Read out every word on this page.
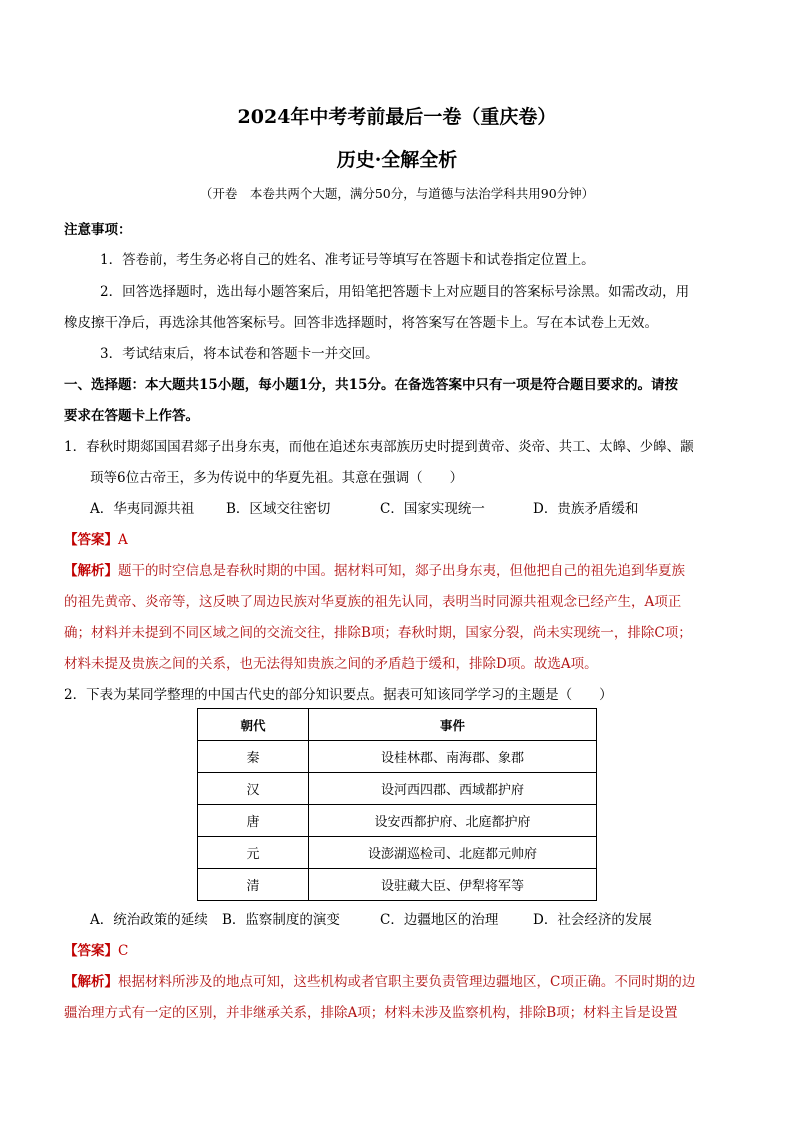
2024年中考考前最后一卷（重庆卷）
历史·全解全析
（开卷　本卷共两个大题，满分50分，与道德与法治学科共用90分钟）
注意事项：
1．答卷前，考生务必将自己的姓名、准考证号等填写在答题卡和试卷指定位置上。
2．回答选择题时，选出每小题答案后，用铅笔把答题卡上对应题目的答案标号涂黑。如需改动，用
橡皮擦干净后，再选涂其他答案标号。回答非选择题时，将答案写在答题卡上。写在本试卷上无效。
3．考试结束后，将本试卷和答题卡一并交回。
一、选择题：本大题共15小题，每小题1分，共15分。在备选答案中只有一项是符合题目要求的。请按
要求在答题卡上作答。
1．春秋时期郯国国君郯子出身东夷，而他在追述东夷部族历史时提到黄帝、炎帝、共工、太皞、少皞、颛
顼等6位古帝王，多为传说中的华夏先祖。其意在强调（　　）
A．华夷同源共祖 B．区域交往密切	C．国家实现统一	D．贵族矛盾缓和
【答案】A
【解析】题干的时空信息是春秋时期的中国。据材料可知，郯子出身东夷，但他把自己的祖先追到华夏族
的祖先黄帝、炎帝等，这反映了周边民族对华夏族的祖先认同，表明当时同源共祖观念已经产生，A项正
确；材料并未提到不同区域之间的交流交往，排除B项；春秋时期，国家分裂，尚未实现统一，排除C项；
材料未提及贵族之间的关系，也无法得知贵族之间的矛盾趋于缓和，排除D项。故选A项。
2．下表为某同学整理的中国古代史的部分知识要点。据表可知该同学学习的主题是（　　）
朝代	事件
秦	设桂林郡、南海郡、象郡
汉	设河西四郡、西域都护府
唐	设安西都护府、北庭都护府
元	设澎湖巡检司、北庭都元帅府
清	设驻藏大臣、伊犁将军等
A．统治政策的延续 B．监察制度的演变	C．边疆地区的治理	D．社会经济的发展
【答案】C
【解析】根据材料所涉及的地点可知，这些机构或者官职主要负责管理边疆地区，C项正确。不同时期的边
疆治理方式有一定的区别，并非继承关系，排除A项；材料未涉及监察机构，排除B项；材料主旨是设置
